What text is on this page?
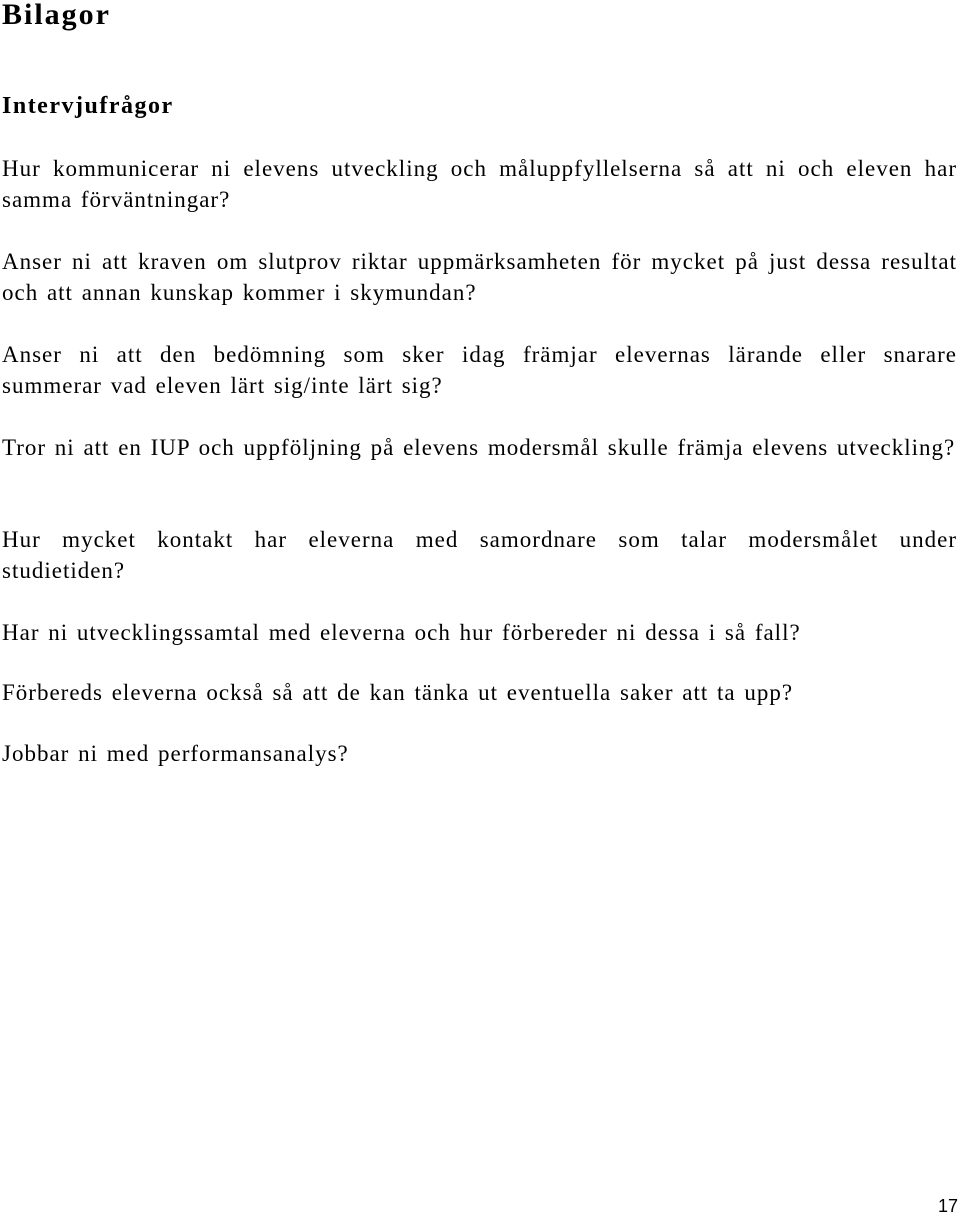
Bilagor
Intervjufrågor

Hur kommunicerar ni elevens utveckling och måluppfyllelserna så att ni och eleven har samma förväntningar?

Anser ni att kraven om slutprov riktar uppmärksamheten för mycket på just dessa resultat och att annan kunskap kommer i skymundan?

Anser ni att den bedömning som sker idag främjar elevernas lärande eller snarare summerar vad eleven lärt sig/inte lärt sig?

Tror ni att en IUP och uppföljning på elevens modersmål skulle främja elevens utveckling?

Hur mycket kontakt har eleverna med samordnare som talar modersmålet under studietiden?

Har ni utvecklingssamtal med eleverna och hur förbereder ni dessa i så fall?

Förbereds eleverna också så att de kan tänka ut eventuella saker att ta upp?

Jobbar ni med performansanalys?

17
